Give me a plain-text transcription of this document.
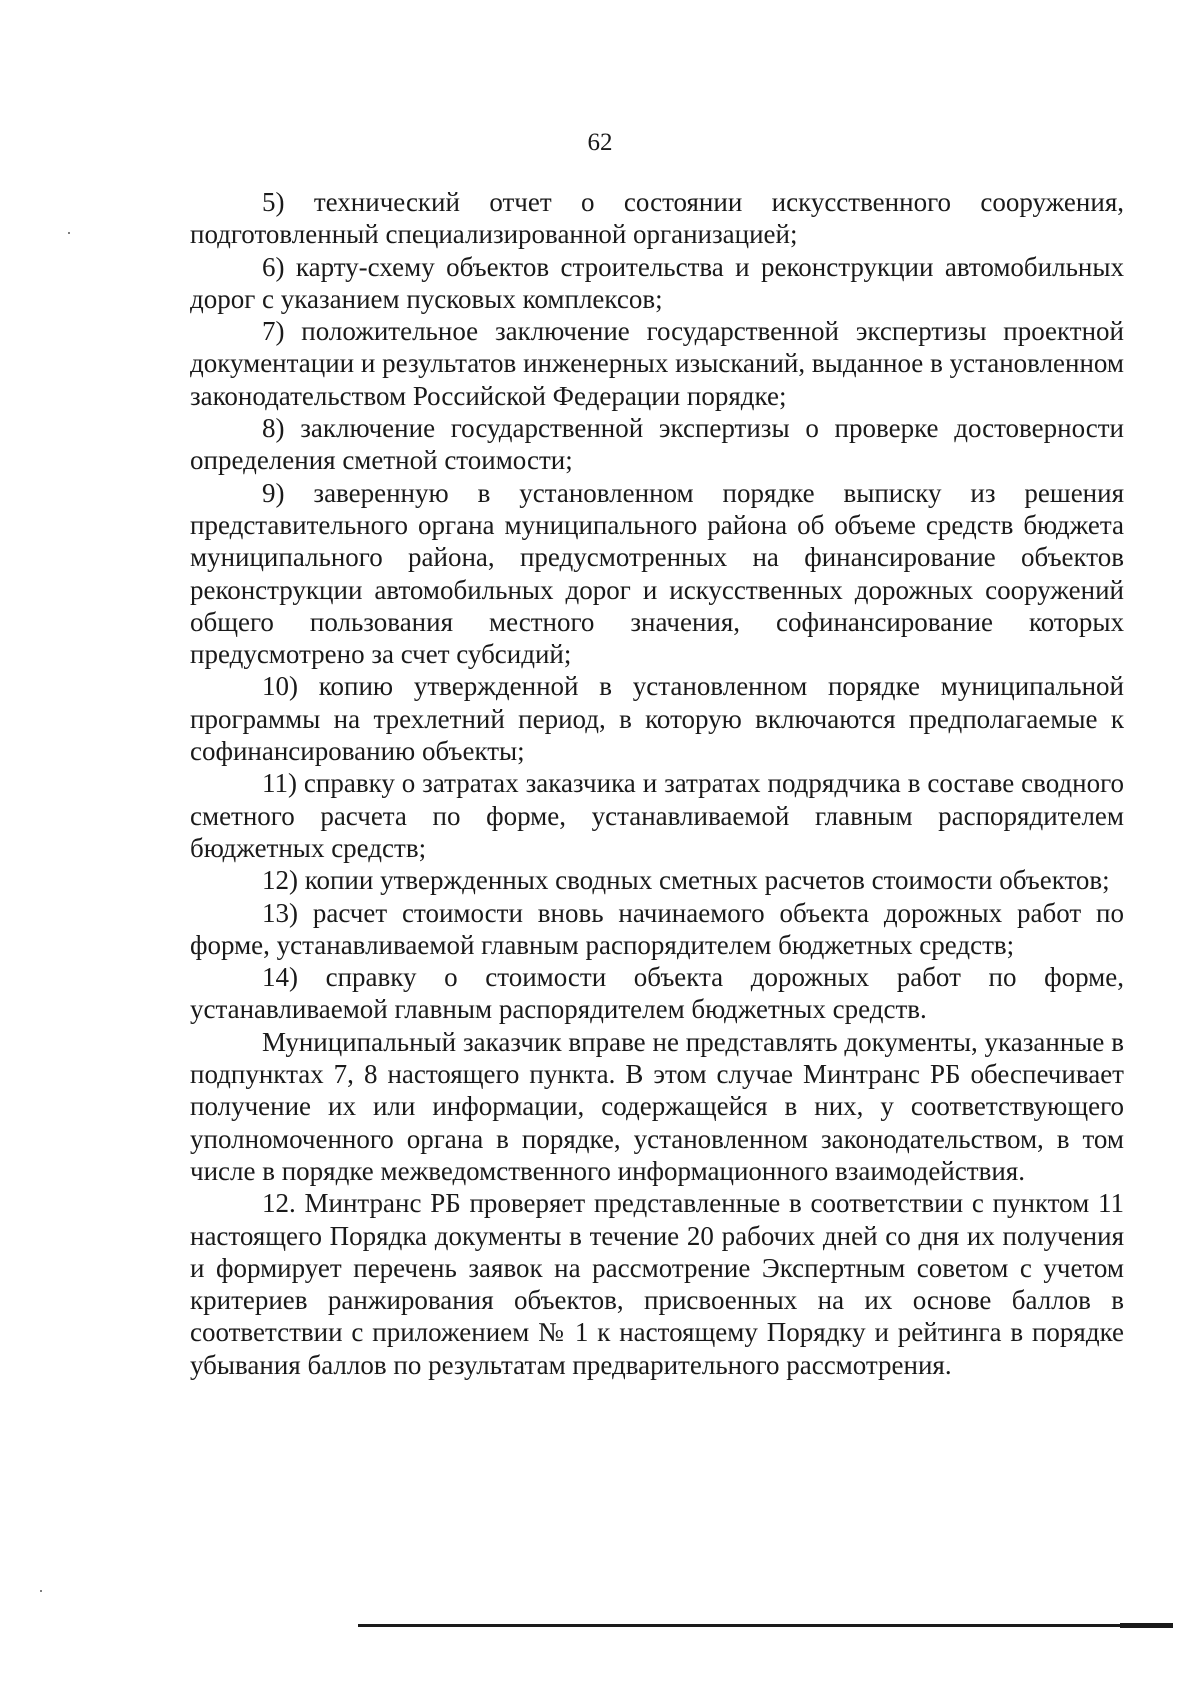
62

5) технический отчет о состоянии искусственного сооружения, подготовленный специализированной организацией;

6) карту-схему объектов строительства и реконструкции автомобильных дорог с указанием пусковых комплексов;

7) положительное заключение государственной экспертизы проектной документации и результатов инженерных изысканий, выданное в установленном законодательством Российской Федерации порядке;

8) заключение государственной экспертизы о проверке достоверности определения сметной стоимости;

9) заверенную в установленном порядке выписку из решения представительного органа муниципального района об объеме средств бюджета муниципального района, предусмотренных на финансирование объектов реконструкции автомобильных дорог и искусственных дорожных сооружений общего пользования местного значения, софинансирование которых предусмотрено за счет субсидий;

10) копию утвержденной в установленном порядке муниципальной программы на трехлетний период, в которую включаются предполагаемые к софинансированию объекты;

11) справку о затратах заказчика и затратах подрядчика в составе сводного сметного расчета по форме, устанавливаемой главным распорядителем бюджетных средств;

12) копии утвержденных сводных сметных расчетов стоимости объектов;

13) расчет стоимости вновь начинаемого объекта дорожных работ по форме, устанавливаемой главным распорядителем бюджетных средств;

14) справку о стоимости объекта дорожных работ по форме, устанавливаемой главным распорядителем бюджетных средств.

Муниципальный заказчик вправе не представлять документы, указанные в подпунктах 7, 8 настоящего пункта. В этом случае Минтранс РБ обеспечивает получение их или информации, содержащейся в них, у соответствующего уполномоченного органа в порядке, установленном законодательством, в том числе в порядке межведомственного информационного взаимодействия.

12. Минтранс РБ проверяет представленные в соответствии с пунктом 11 настоящего Порядка документы в течение 20 рабочих дней со дня их получения и формирует перечень заявок на рассмотрение Экспертным советом с учетом критериев ранжирования объектов, присвоенных на их основе баллов в соответствии с приложением № 1 к настоящему Порядку и рейтинга в порядке убывания баллов по результатам предварительного рассмотрения.
